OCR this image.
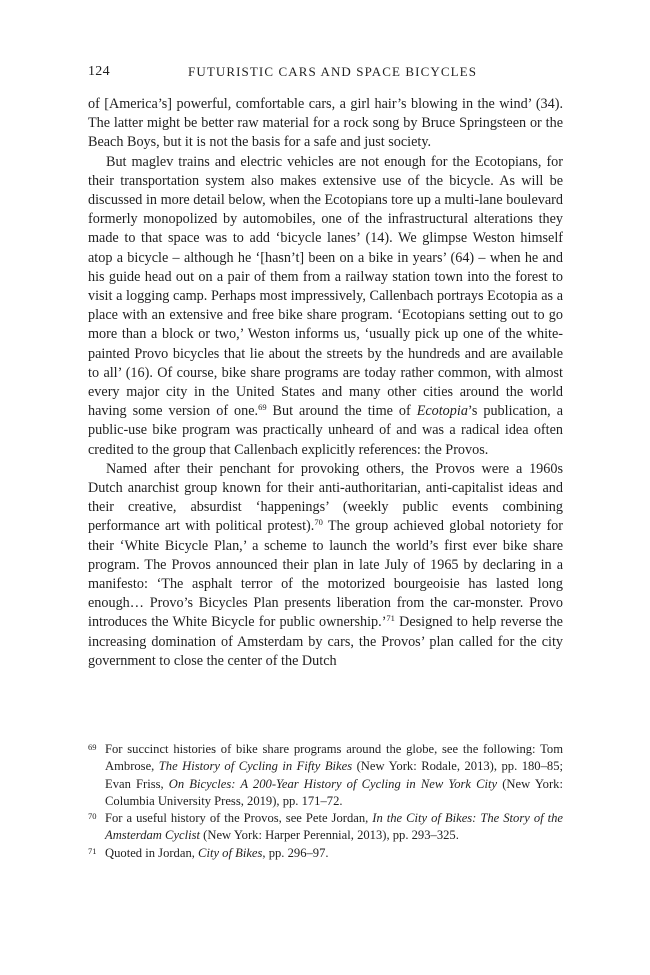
124	FUTURISTIC CARS AND SPACE BICYCLES

of [America’s] powerful, comfortable cars, a girl hair’s blowing in the wind’ (34). The latter might be better raw material for a rock song by Bruce Springsteen or the Beach Boys, but it is not the basis for a safe and just society.

But maglev trains and electric vehicles are not enough for the Ecotopians, for their transportation system also makes extensive use of the bicycle. As will be discussed in more detail below, when the Ecotopians tore up a multi-lane boulevard formerly monopolized by automobiles, one of the infrastructural alterations they made to that space was to add ‘bicycle lanes’ (14). We glimpse Weston himself atop a bicycle – although he ‘[hasn’t] been on a bike in years’ (64) – when he and his guide head out on a pair of them from a railway station town into the forest to visit a logging camp. Perhaps most impressively, Callenbach portrays Ecotopia as a place with an extensive and free bike share program. ‘Ecotopians setting out to go more than a block or two,’ Weston informs us, ‘usually pick up one of the white-painted Provo bicycles that lie about the streets by the hundreds and are available to all’ (16). Of course, bike share programs are today rather common, with almost every major city in the United States and many other cities around the world having some version of one.$^{69}$ But around the time of Ecotopia’s publication, a public-use bike program was practically unheard of and was a radical idea often credited to the group that Callenbach explicitly references: the Provos.

Named after their penchant for provoking others, the Provos were a 1960s Dutch anarchist group known for their anti-authoritarian, anti-capitalist ideas and their creative, absurdist ‘happenings’ (weekly public events combining performance art with political protest).$^{70}$ The group achieved global notoriety for their ‘White Bicycle Plan,’ a scheme to launch the world’s first ever bike share program. The Provos announced their plan in late July of 1965 by declaring in a manifesto: ‘The asphalt terror of the motorized bourgeoisie has lasted long enough… Provo’s Bicycles Plan presents liberation from the car-monster. Provo introduces the White Bicycle for public ownership.’$^{71}$ Designed to help reverse the increasing domination of Amsterdam by cars, the Provos’ plan called for the city government to close the center of the Dutch

69 For succinct histories of bike share programs around the globe, see the following: Tom Ambrose, The History of Cycling in Fifty Bikes (New York: Rodale, 2013), pp. 180–85; Evan Friss, On Bicycles: A 200-Year History of Cycling in New York City (New York: Columbia University Press, 2019), pp. 171–72.

70 For a useful history of the Provos, see Pete Jordan, In the City of Bikes: The Story of the Amsterdam Cyclist (New York: Harper Perennial, 2013), pp. 293–325.

71 Quoted in Jordan, City of Bikes, pp. 296–97.
